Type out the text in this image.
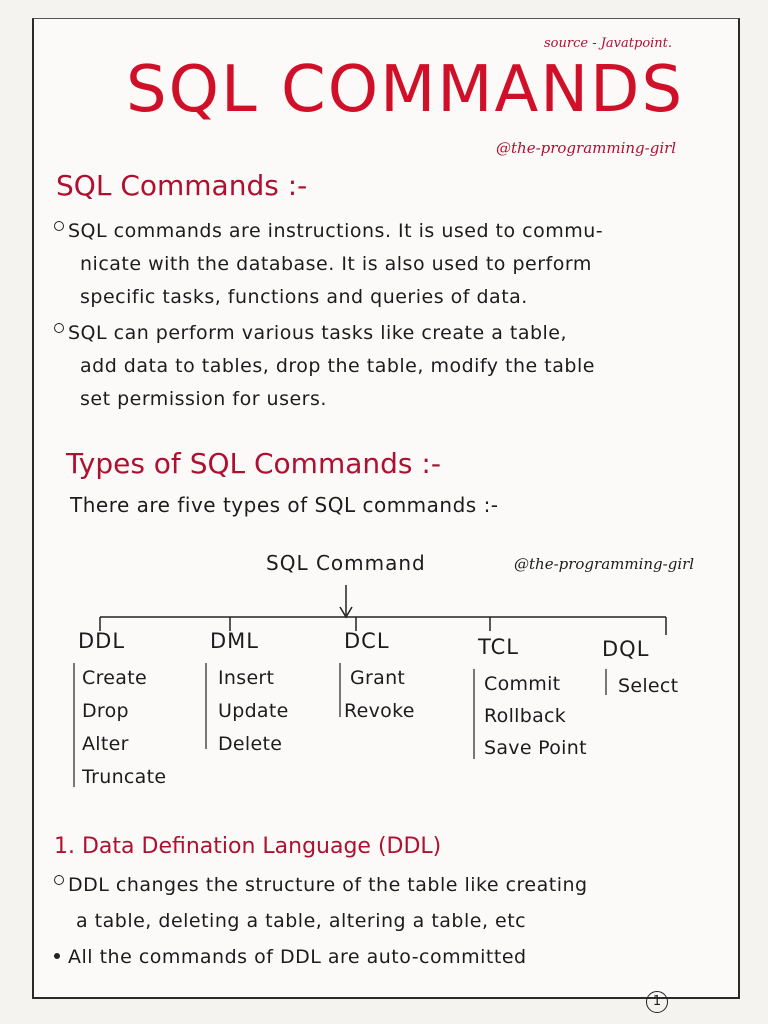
source - Javatpoint.
SQL COMMANDS
@the-programming-girl
SQL Commands :-
SQL commands are instructions. It is used to commu-
nicate with the database. It is also used to perform
specific tasks, functions and queries of data.
SQL can perform various tasks like create a table,
add data to tables, drop the table, modify the table
set permission for users.
Types of SQL Commands :-
There are five types of SQL commands :-
SQL Command	@the-programming-girl
DDL
Create
Drop
Alter
Truncate
DML
Insert
Update
Delete
DCL
Grant
Revoke
TCL
Commit
Rollback
Save Point
DQL
Select
1. Data Defination Language (DDL)
DDL changes the structure of the table like creating
a table, deleting a table, altering a table, etc
All the commands of DDL are auto-committed
1
